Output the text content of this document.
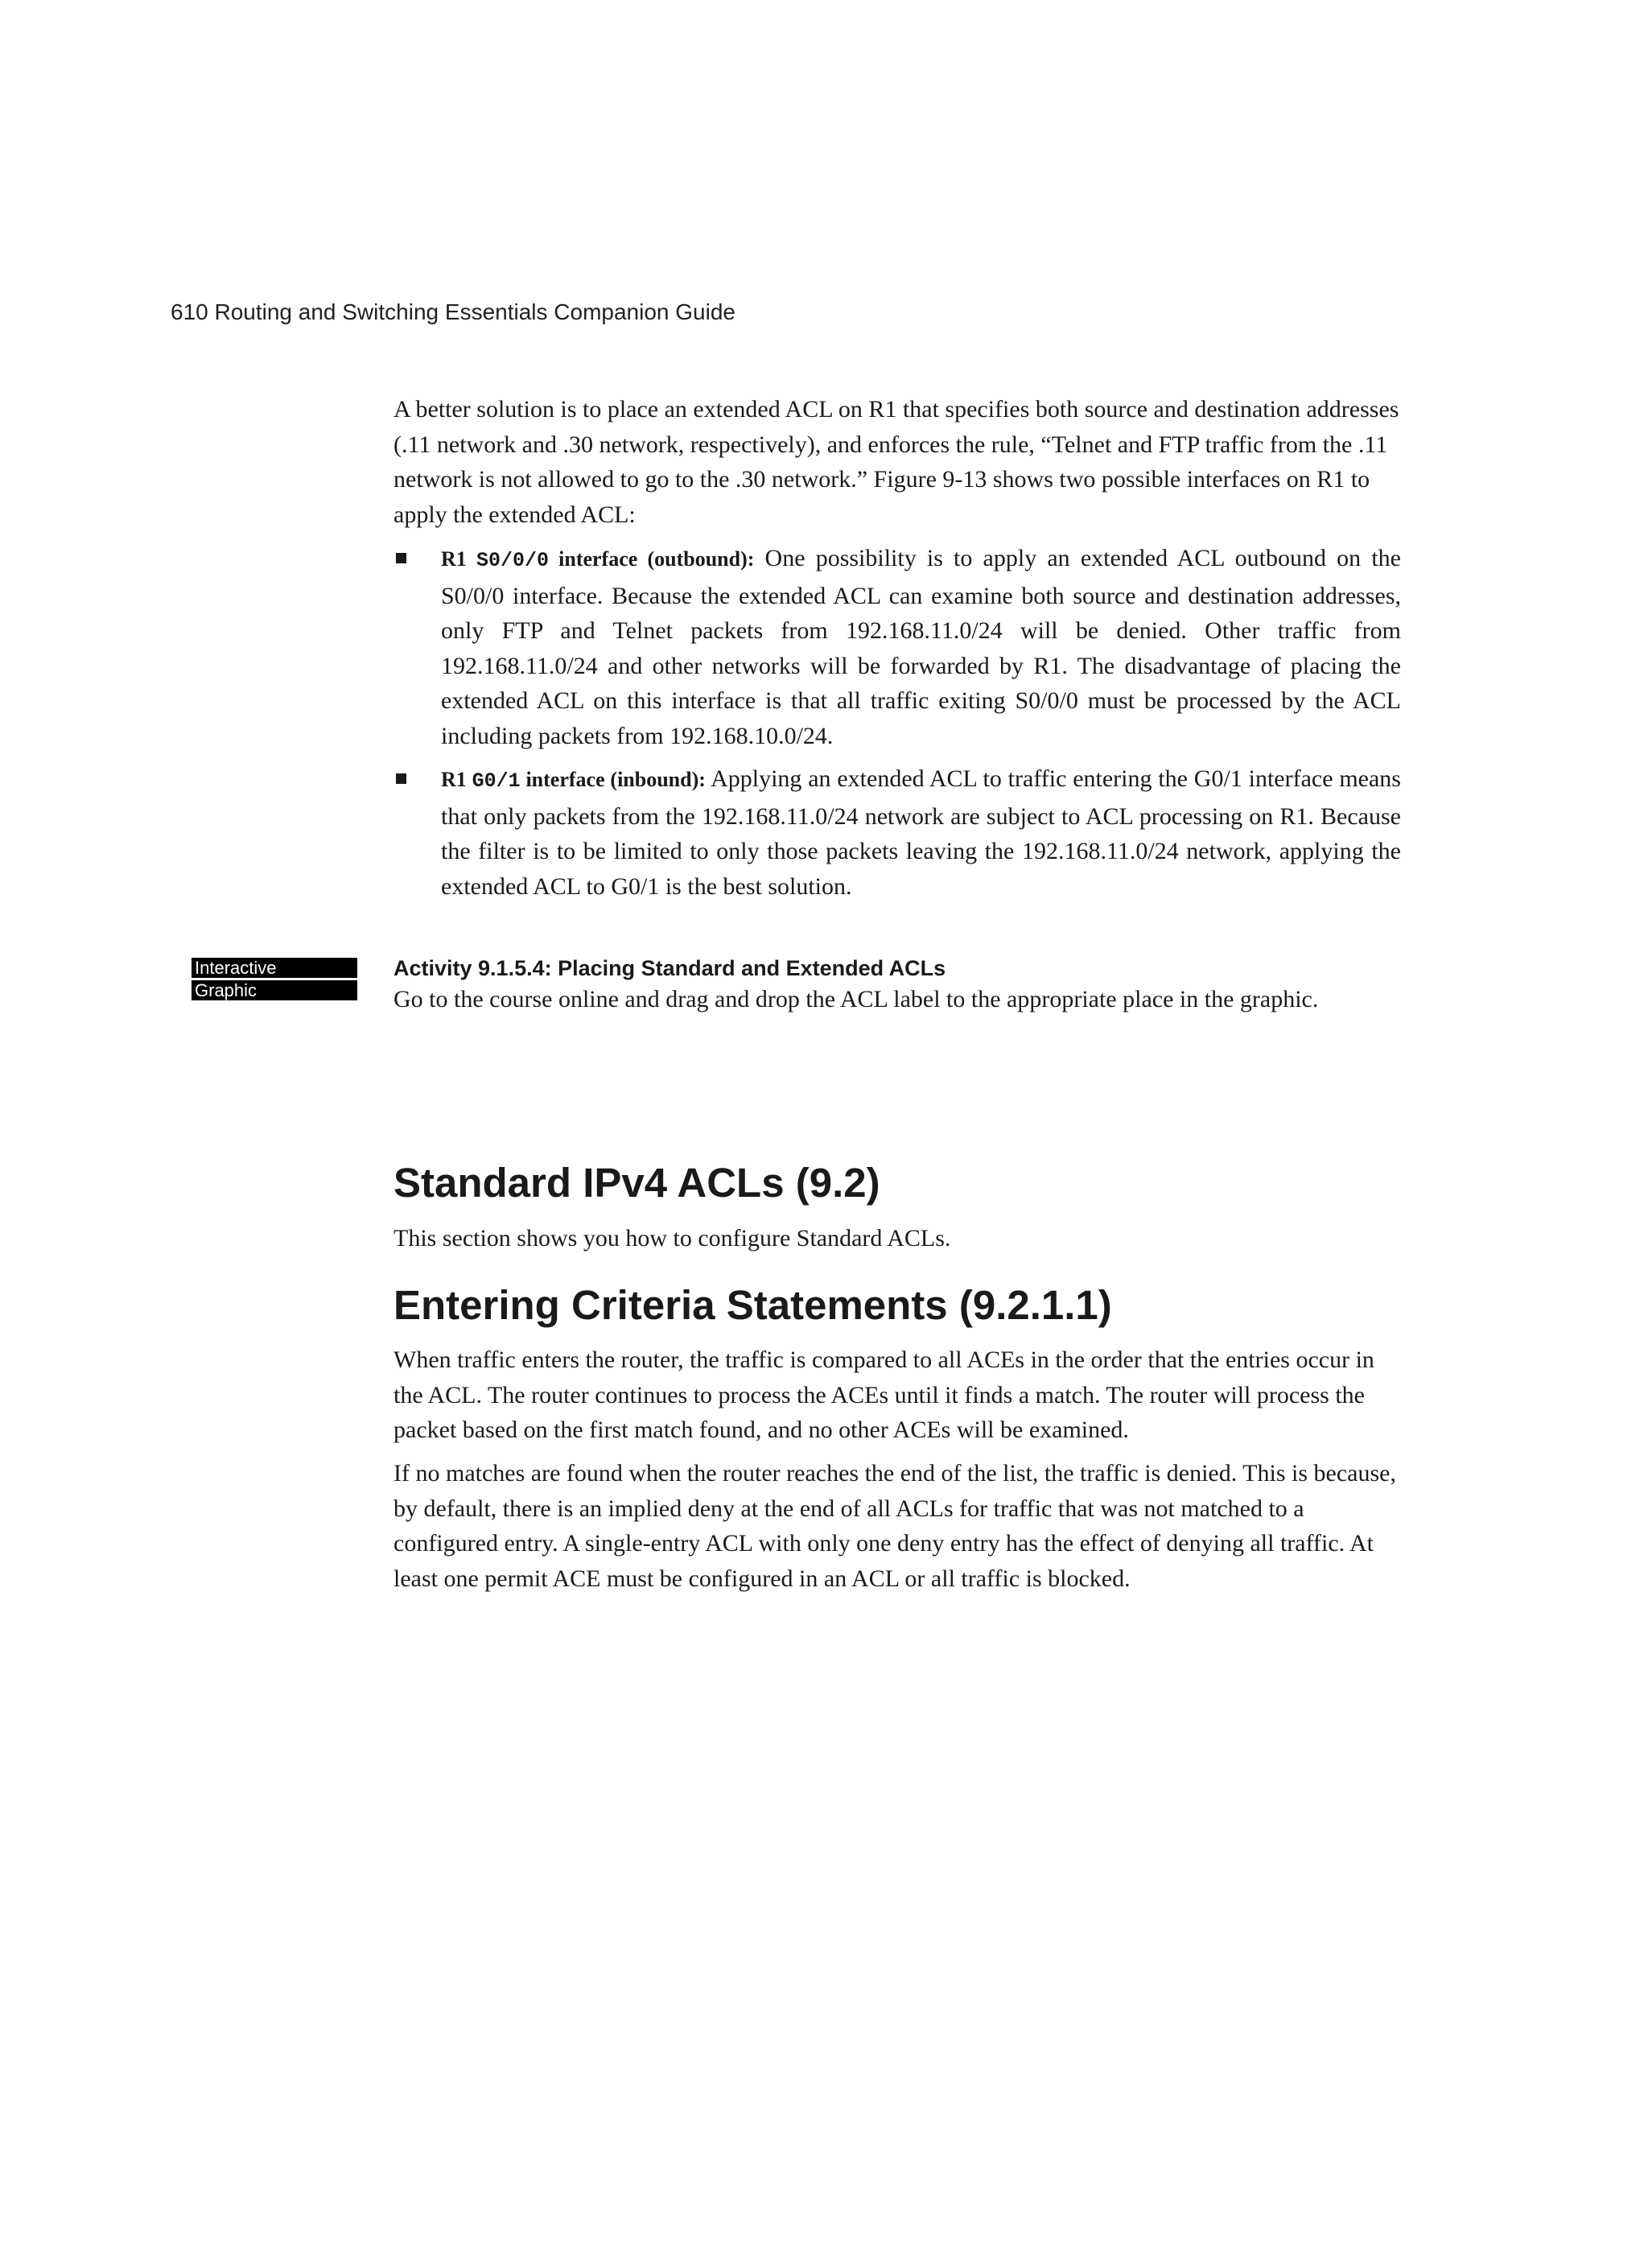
610 Routing and Switching Essentials Companion Guide

A better solution is to place an extended ACL on R1 that specifies both source and destination addresses (.11 network and .30 network, respectively), and enforces the rule, “Telnet and FTP traffic from the .11 network is not allowed to go to the .30 network.” Figure 9-13 shows two possible interfaces on R1 to apply the extended ACL:

R1 S0/0/0 interface (outbound): One possibility is to apply an extended ACL outbound on the S0/0/0 interface. Because the extended ACL can examine both source and destination addresses, only FTP and Telnet packets from 192.168.11.0/24 will be denied. Other traffic from 192.168.11.0/24 and other networks will be forwarded by R1. The disadvantage of placing the extended ACL on this interface is that all traffic exiting S0/0/0 must be processed by the ACL including packets from 192.168.10.0/24.
R1 G0/1 interface (inbound): Applying an extended ACL to traffic entering the G0/1 interface means that only packets from the 192.168.11.0/24 network are subject to ACL processing on R1. Because the filter is to be limited to only those packets leaving the 192.168.11.0/24 network, applying the extended ACL to G0/1 is the best solution.
Interactive
Graphic

Activity 9.1.5.4: Placing Standard and Extended ACLs

Go to the course online and drag and drop the ACL label to the appropriate place in the graphic.

Standard IPv4 ACLs (9.2)

This section shows you how to configure Standard ACLs.

Entering Criteria Statements (9.2.1.1)

When traffic enters the router, the traffic is compared to all ACEs in the order that the entries occur in the ACL. The router continues to process the ACEs until it finds a match. The router will process the packet based on the first match found, and no other ACEs will be examined.

If no matches are found when the router reaches the end of the list, the traffic is denied. This is because, by default, there is an implied deny at the end of all ACLs for traffic that was not matched to a configured entry. A single-entry ACL with only one deny entry has the effect of denying all traffic. At least one permit ACE must be configured in an ACL or all traffic is blocked.
